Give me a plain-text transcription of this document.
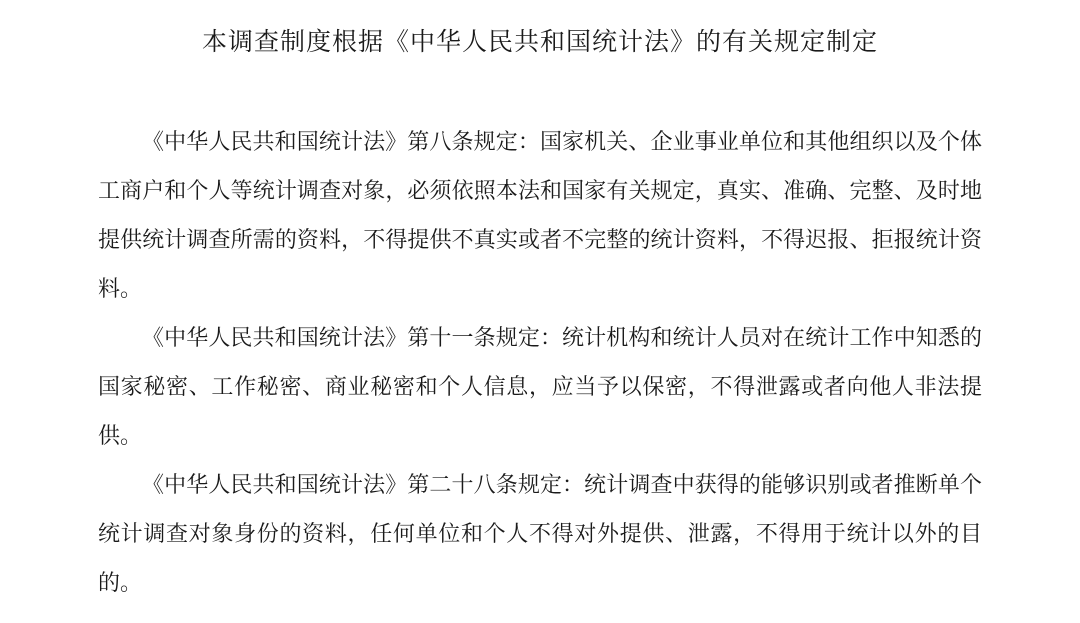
本调查制度根据《中华人民共和国统计法》的有关规定制定

《中华人民共和国统计法》第八条规定：国家机关、企业事业单位和其他组织以及个体工商户和个人等统计调查对象，必须依照本法和国家有关规定，真实、准确、完整、及时地提供统计调查所需的资料，不得提供不真实或者不完整的统计资料，不得迟报、拒报统计资料。

《中华人民共和国统计法》第十一条规定：统计机构和统计人员对在统计工作中知悉的国家秘密、工作秘密、商业秘密和个人信息，应当予以保密，不得泄露或者向他人非法提供。

《中华人民共和国统计法》第二十八条规定：统计调查中获得的能够识别或者推断单个统计调查对象身份的资料，任何单位和个人不得对外提供、泄露，不得用于统计以外的目的。
